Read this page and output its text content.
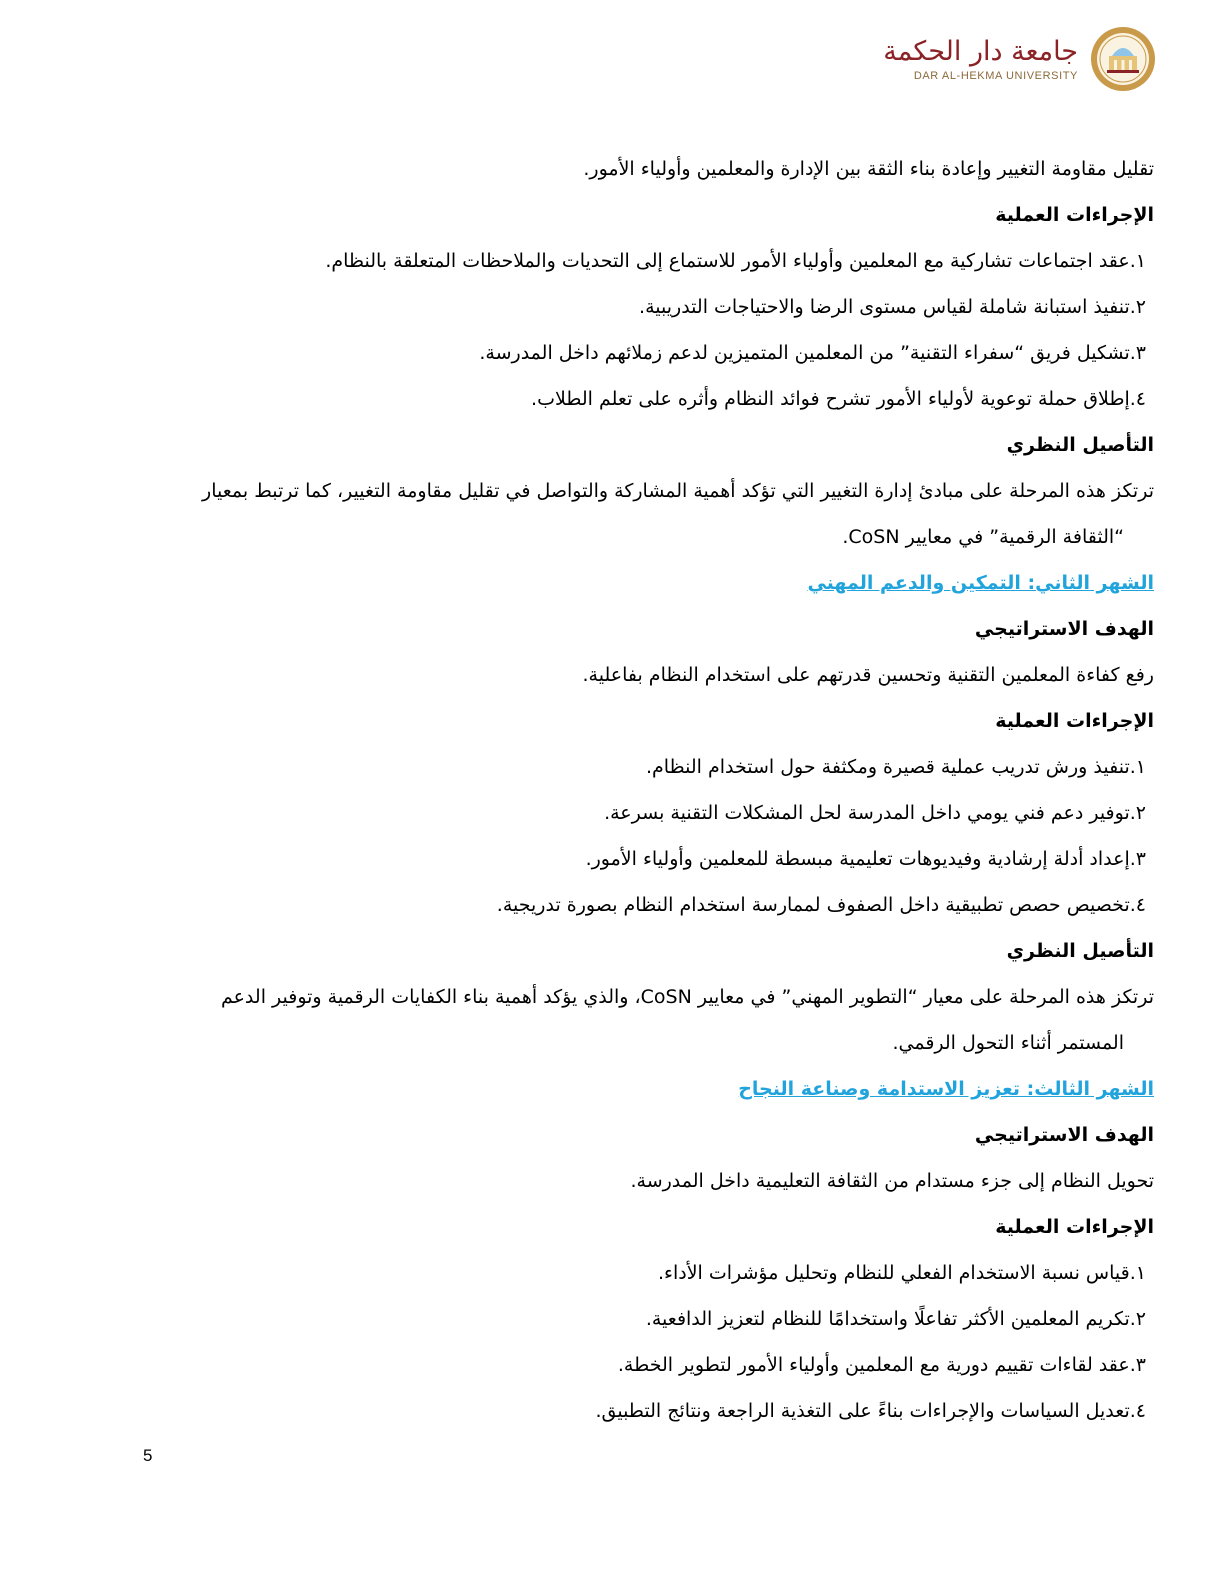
جامعة دار الحكمة
DAR AL-HEKMA UNIVERSITY

تقليل مقاومة التغيير وإعادة بناء الثقة بين الإدارة والمعلمين وأولياء الأمور.

الإجراءات العملية

١.عقد اجتماعات تشاركية مع المعلمين وأولياء الأمور للاستماع إلى التحديات والملاحظات المتعلقة بالنظام.

٢.تنفيذ استبانة شاملة لقياس مستوى الرضا والاحتياجات التدريبية.

٣.تشكيل فريق “سفراء التقنية” من المعلمين المتميزين لدعم زملائهم داخل المدرسة.

٤.إطلاق حملة توعوية لأولياء الأمور تشرح فوائد النظام وأثره على تعلم الطلاب.

التأصيل النظري

ترتكز هذه المرحلة على مبادئ إدارة التغيير التي تؤكد أهمية المشاركة والتواصل في تقليل مقاومة التغيير، كما ترتبط بمعيار

“الثقافة الرقمية” في معايير CoSN.

الشهر الثاني: التمكين والدعم المهني

الهدف الاستراتيجي

رفع كفاءة المعلمين التقنية وتحسين قدرتهم على استخدام النظام بفاعلية.

الإجراءات العملية

١.تنفيذ ورش تدريب عملية قصيرة ومكثفة حول استخدام النظام.

٢.توفير دعم فني يومي داخل المدرسة لحل المشكلات التقنية بسرعة.

٣.إعداد أدلة إرشادية وفيديوهات تعليمية مبسطة للمعلمين وأولياء الأمور.

٤.تخصيص حصص تطبيقية داخل الصفوف لممارسة استخدام النظام بصورة تدريجية.

التأصيل النظري

ترتكز هذه المرحلة على معيار “التطوير المهني” في معايير CoSN، والذي يؤكد أهمية بناء الكفايات الرقمية وتوفير الدعم

المستمر أثناء التحول الرقمي.

الشهر الثالث: تعزيز الاستدامة وصناعة النجاح

الهدف الاستراتيجي

تحويل النظام إلى جزء مستدام من الثقافة التعليمية داخل المدرسة.

الإجراءات العملية

١.قياس نسبة الاستخدام الفعلي للنظام وتحليل مؤشرات الأداء.

٢.تكريم المعلمين الأكثر تفاعلًا واستخدامًا للنظام لتعزيز الدافعية.

٣.عقد لقاءات تقييم دورية مع المعلمين وأولياء الأمور لتطوير الخطة.

٤.تعديل السياسات والإجراءات بناءً على التغذية الراجعة ونتائج التطبيق.

5
